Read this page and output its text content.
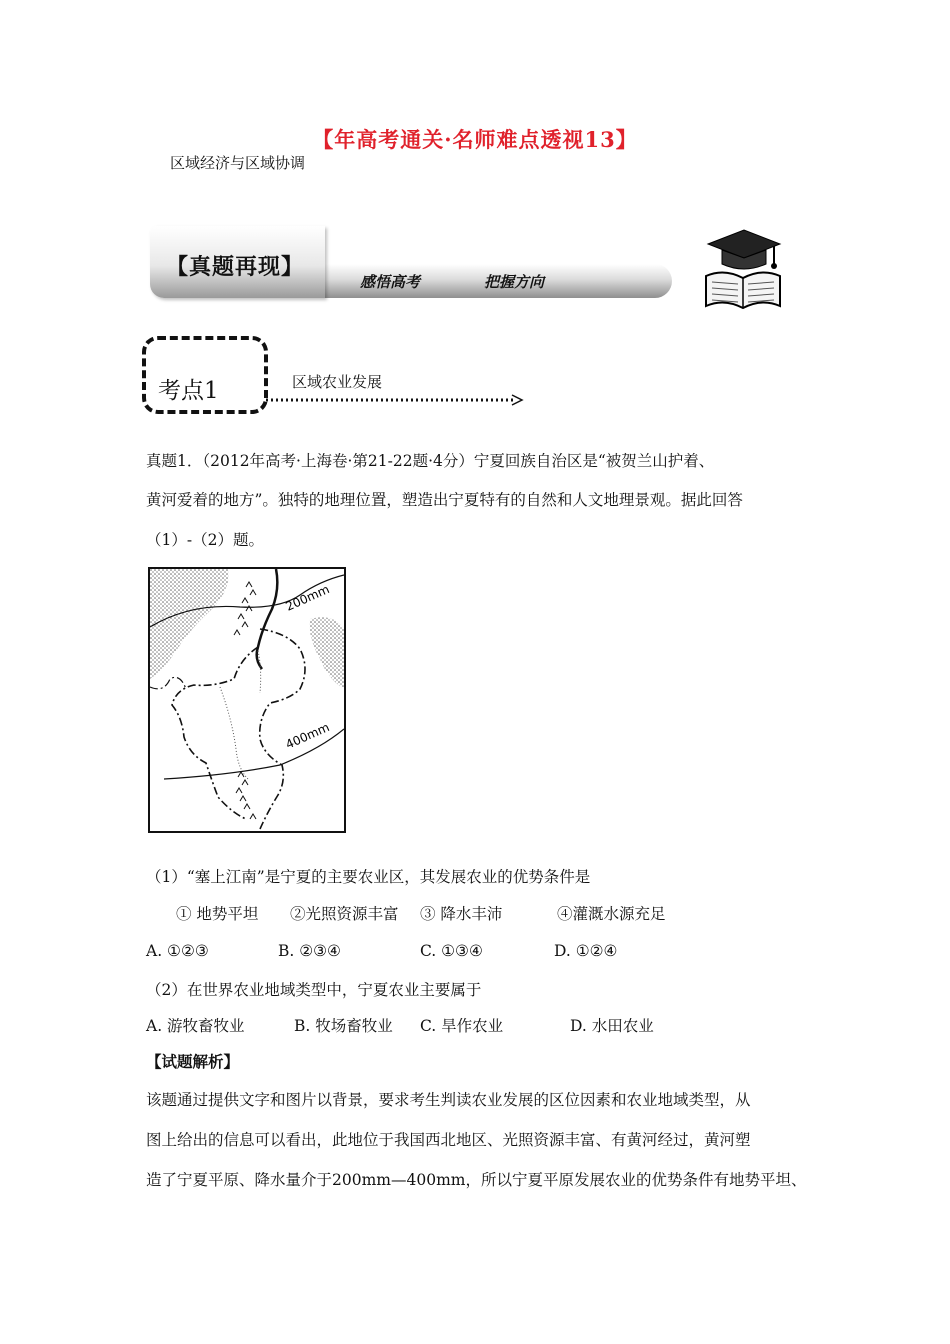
【年高考通关·名师难点透视13】
区域经济与区域协调
【真题再现】
感悟高考	把握方向
考点1	区域农业发展
真题1．（2012年高考·上海卷·第21-22题·4分）宁夏回族自治区是“被贺兰山护着、
黄河爱着的地方”。独特的地理位置，塑造出宁夏特有的自然和人文地理景观。据此回答
（1）-（2）题。
200mm
400mm
（1）“塞上江南”是宁夏的主要农业区，其发展农业的优势条件是
① 地势平坦 ②光照资源丰富 ③ 降水丰沛	④灌溉水源充足
A. ①②③	B. ②③④	C. ①③④	D. ①②④
（2）在世界农业地域类型中，宁夏农业主要属于
A. 游牧畜牧业	B. 牧场畜牧业 C. 旱作农业	D. 水田农业
【试题解析】
该题通过提供文字和图片以背景，要求考生判读农业发展的区位因素和农业地域类型，从
图上给出的信息可以看出，此地位于我国西北地区、光照资源丰富、有黄河经过，黄河塑
造了宁夏平原、降水量介于200mm—400mm，所以宁夏平原发展农业的优势条件有地势平坦、
